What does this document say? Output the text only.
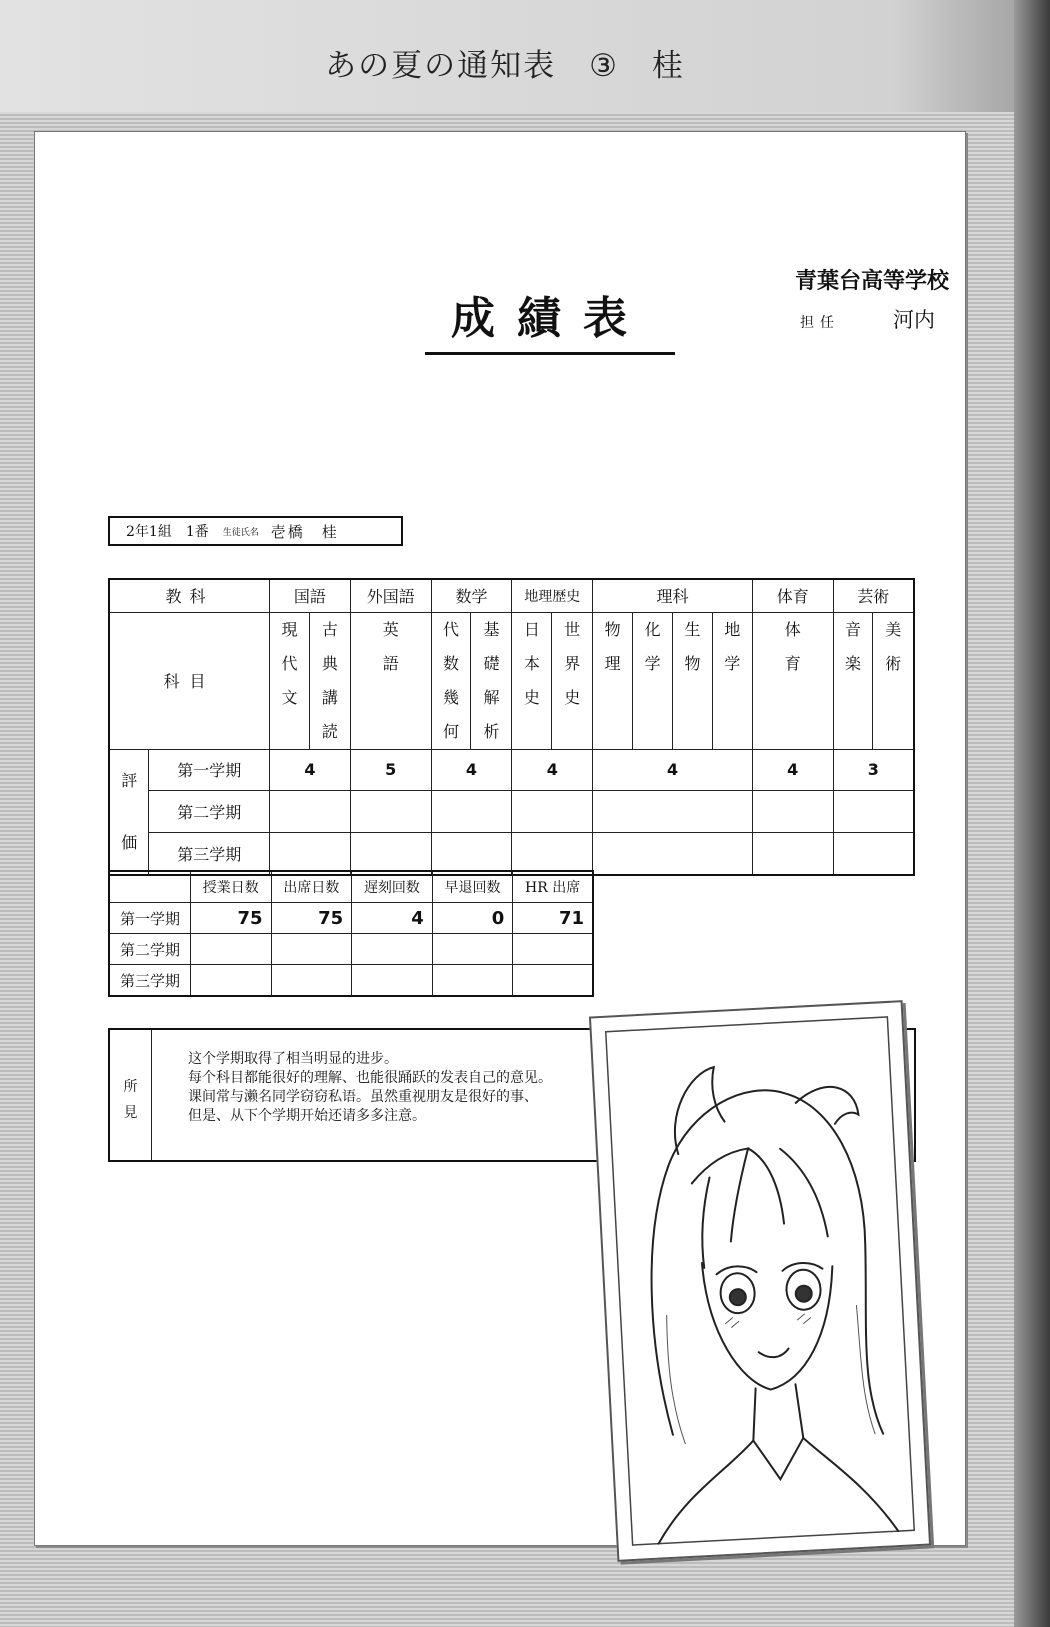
あの夏の通知表　③　桂
成績表
青葉台高等学校
担任	河内
2年1組　1番 生徒氏名 壱橋　桂
教科		国語		外国語	数学		地理歴史		理科				体育	芸術	
科目		現代文	古典講読	英語	代数幾何	基礎解析	日本史	世界史	物理	化学	生物	地学	体育	音楽	美術
評価	第一学期	4		5	4		4		4				4	3	
	第二学期														
	第三学期														
	授業日数	出席日数	遅刻回数	早退回数	HR 出席
第一学期	75	75	4	0	71
第二学期					
第三学期					
所見
这个学期取得了相当明显的进步。
每个科目都能很好的理解、也能很踊跃的发表自己的意见。
课间常与濑名同学窃窃私语。虽然重视朋友是很好的事、
但是、从下个学期开始还请多多注意。
